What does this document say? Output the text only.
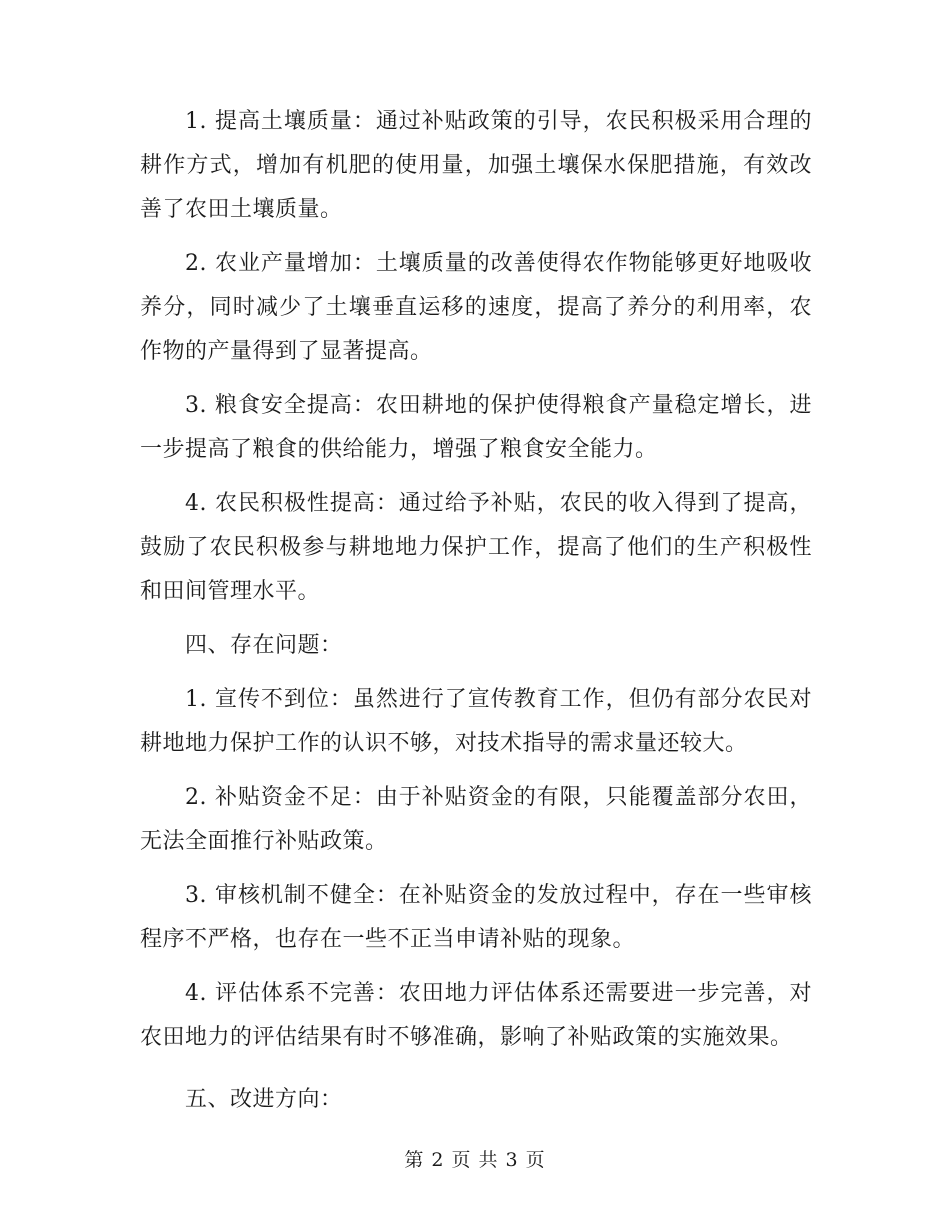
1. 提高土壤质量：通过补贴政策的引导，农民积极采用合理的耕作方式，增加有机肥的使用量，加强土壤保水保肥措施，有效改善了农田土壤质量。

2. 农业产量增加：土壤质量的改善使得农作物能够更好地吸收养分，同时减少了土壤垂直运移的速度，提高了养分的利用率，农作物的产量得到了显著提高。

3. 粮食安全提高：农田耕地的保护使得粮食产量稳定增长，进一步提高了粮食的供给能力，增强了粮食安全能力。

4. 农民积极性提高：通过给予补贴，农民的收入得到了提高，鼓励了农民积极参与耕地地力保护工作，提高了他们的生产积极性和田间管理水平。

四、存在问题：

1. 宣传不到位：虽然进行了宣传教育工作，但仍有部分农民对耕地地力保护工作的认识不够，对技术指导的需求量还较大。

2. 补贴资金不足：由于补贴资金的有限，只能覆盖部分农田，无法全面推行补贴政策。

3. 审核机制不健全：在补贴资金的发放过程中，存在一些审核程序不严格，也存在一些不正当申请补贴的现象。

4. 评估体系不完善：农田地力评估体系还需要进一步完善，对农田地力的评估结果有时不够准确，影响了补贴政策的实施效果。

五、改进方向：

第 2 页 共 3 页
